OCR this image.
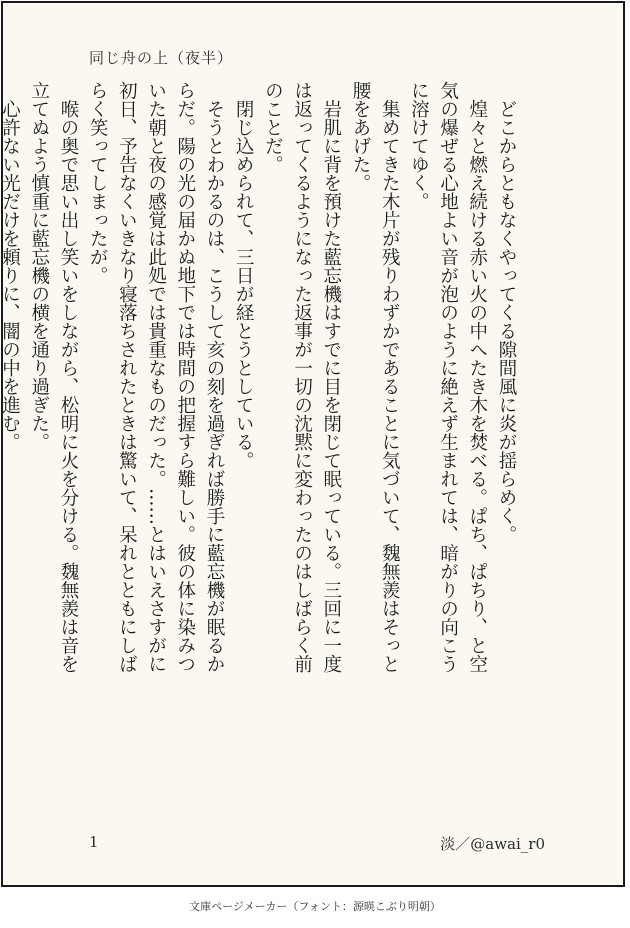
同じ舟の上（夜半）

　どこからともなくやってくる隙間風に炎が揺らめく。

　煌々と燃え続ける赤い火の中へたき木を焚べる。ぱち、ぱちり、と空気の爆ぜる心地よい音が泡のように絶えず生まれては、暗がりの向こうに溶けてゆく。

　集めてきた木片が残りわずかであることに気づいて、魏無羨はそっと腰をあげた。

　岩肌に背を預けた藍忘機はすでに目を閉じて眠っている。三回に一度は返ってくるようになった返事が一切の沈黙に変わったのはしばらく前のことだ。

　閉じ込められて、三日が経とうとしている。

　そうとわかるのは、こうして亥の刻を過ぎれば勝手に藍忘機が眠るからだ。陽の光の届かぬ地下では時間の把握すら難しい。彼の体に染みついた朝と夜の感覚は此処では貴重なものだった。……とはいえさすがに初日、予告なくいきなり寝落ちされたときは驚いて、呆れとともにしばらく笑ってしまったが。

　喉の奥で思い出し笑いをしながら、松明に火を分ける。魏無羨は音を立てぬよう慎重に藍忘機の横を通り過ぎた。

　心許ない光だけを頼りに、闇の中を進む。

1	淡／@awai_r0
文庫ページメーカー（フォント：源暎こぶり明朝）
